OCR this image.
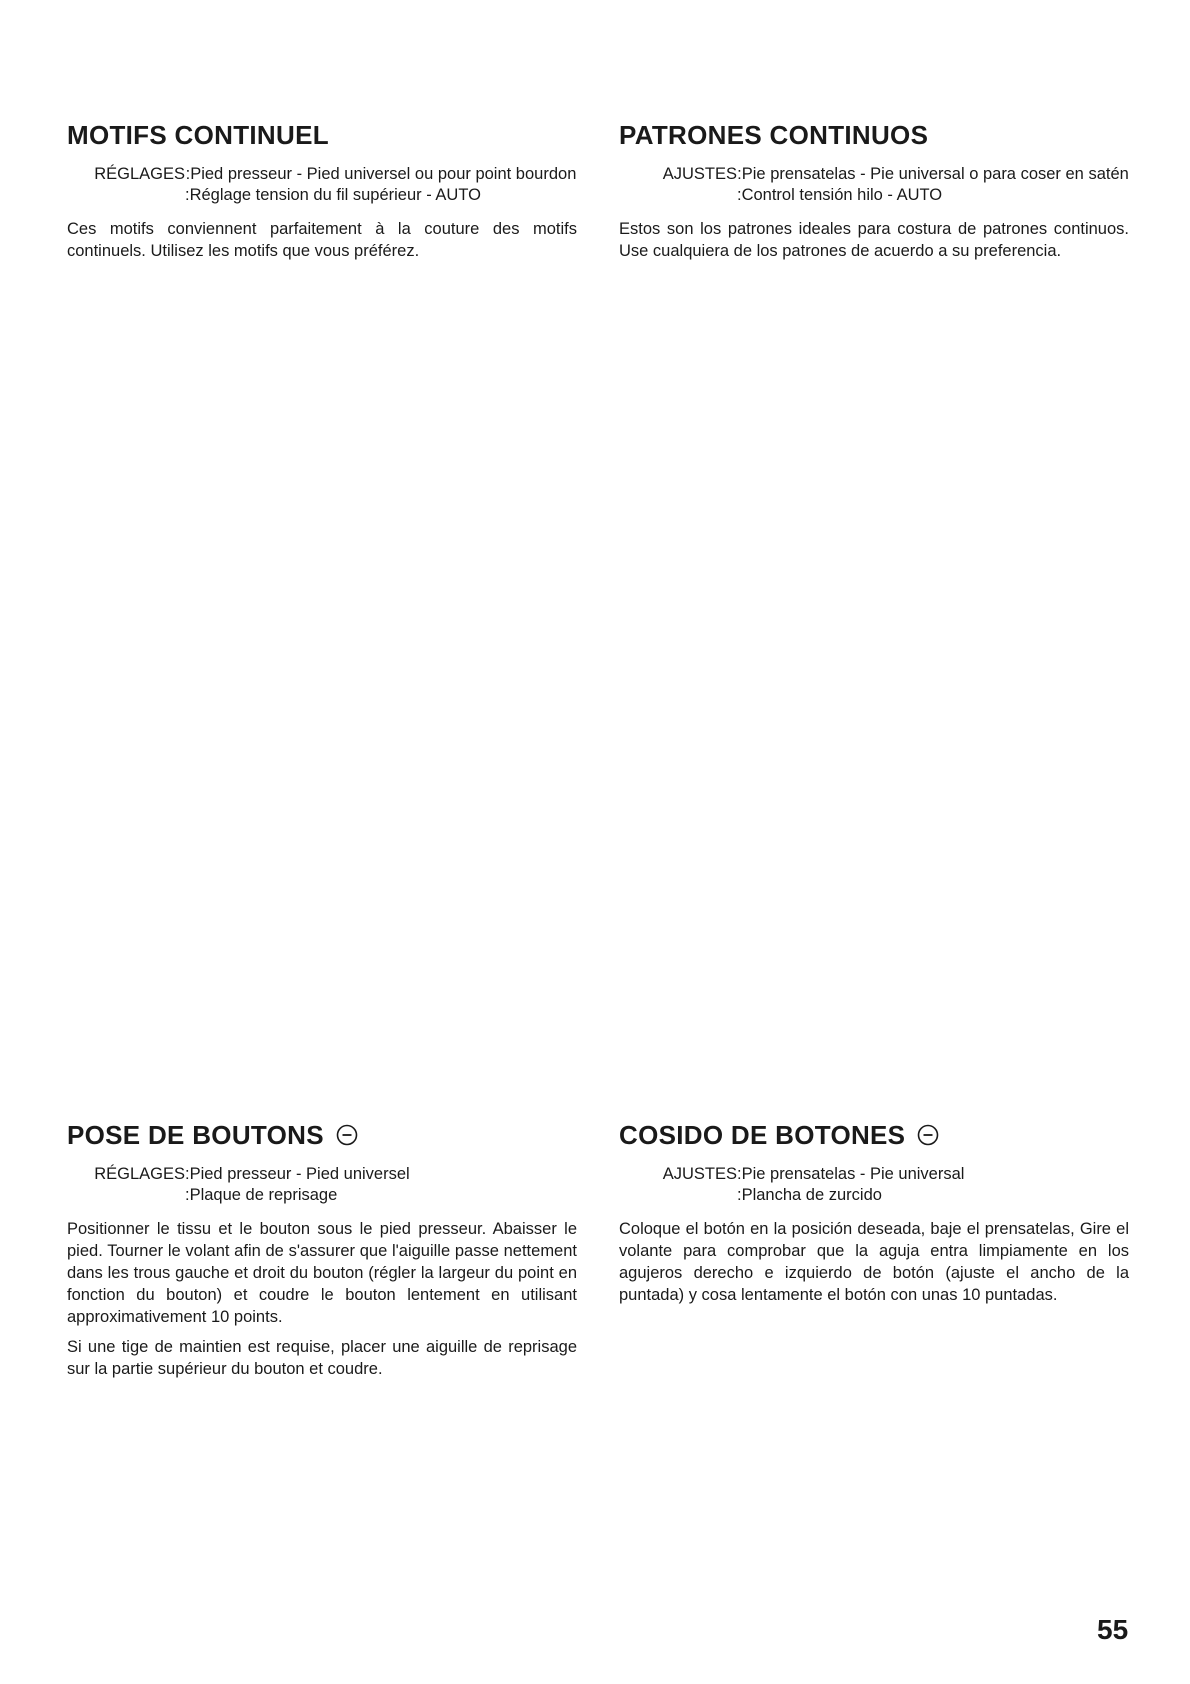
MOTIFS CONTINUEL
RÉGLAGES :Pied presseur - Pied universel ou pour point bourdon
:Réglage tension du fil supérieur - AUTO

Ces motifs conviennent parfaitement à la couture des motifs continuels. Utilisez les motifs que vous préférez.

PATRONES CONTINUOS
AJUSTES :Pie prensatelas - Pie universal o para coser en satén
:Control tensión hilo - AUTO

Estos son los patrones ideales para costura de patrones continuos. Use cualquiera de los patrones de acuerdo a su preferencia.

POSE DE BOUTONS
RÉGLAGES :Pied presseur - Pied universel
:Plaque de reprisage

Positionner le tissu et le bouton sous le pied presseur. Abaisser le pied. Tourner le volant afin de s'assurer que l'aiguille passe nettement dans les trous gauche et droit du bouton (régler la largeur du point en fonction du bouton) et coudre le bouton lentement en utilisant approximativement 10 points.

Si une tige de maintien est requise, placer une aiguille de reprisage sur la partie supérieur du bouton et coudre.

COSIDO DE BOTONES
AJUSTES :Pie prensatelas - Pie universal
:Plancha de zurcido

Coloque el botón en la posición deseada, baje el prensatelas, Gire el volante para comprobar que la aguja entra limpiamente en los agujeros derecho e izquierdo de botón (ajuste el ancho de la puntada) y cosa lentamente el botón con unas 10 puntadas.

55
